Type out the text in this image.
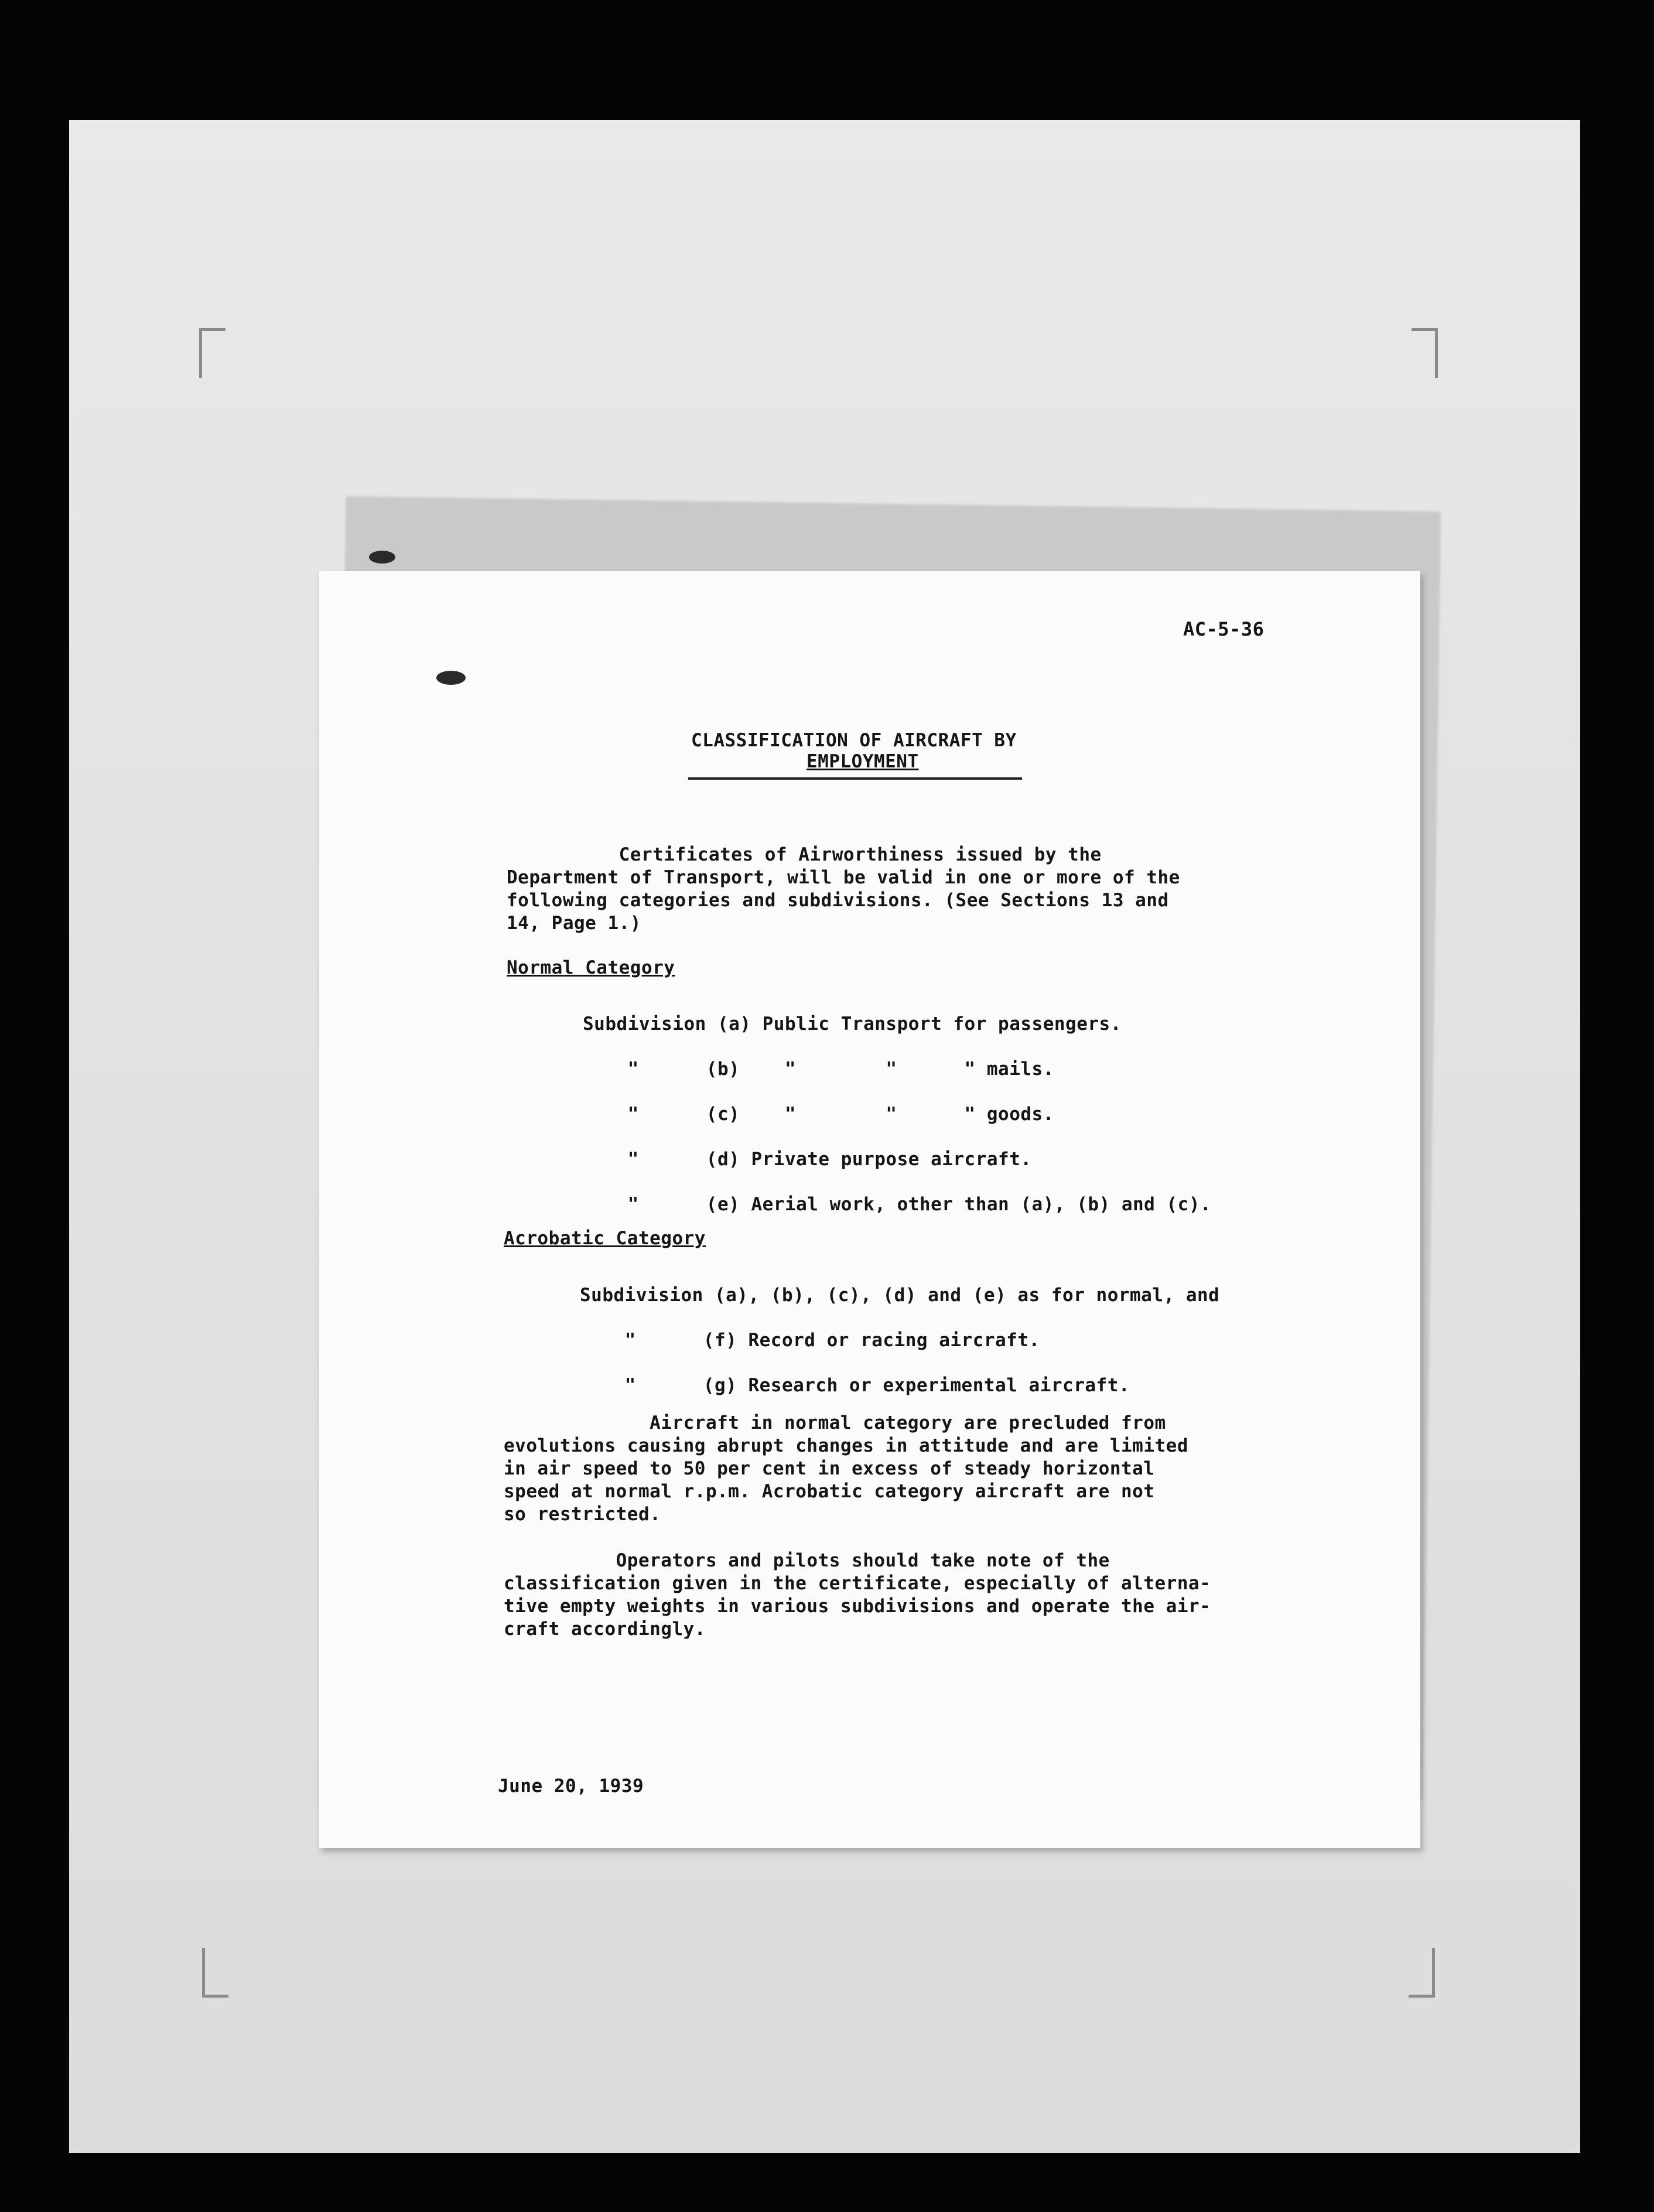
AC-5-36
CLASSIFICATION OF AIRCRAFT BY
EMPLOYMENT
Certificates of Airworthiness issued by the
Department of Transport, will be valid in one or more of the
following categories and subdivisions. (See Sections 13 and
14, Page 1.)
Normal Category
Subdivision (a) Public Transport for passengers.
"      (b)    "        "      " mails.
"      (c)    "        "      " goods.
"      (d) Private purpose aircraft.
"      (e) Aerial work, other than (a), (b) and (c).
Acrobatic Category
Subdivision (a), (b), (c), (d) and (e) as for normal, and
"      (f) Record or racing aircraft.
"      (g) Research or experimental aircraft.
Aircraft in normal category are precluded from
evolutions causing abrupt changes in attitude and are limited
in air speed to 50 per cent in excess of steady horizontal
speed at normal r.p.m. Acrobatic category aircraft are not
so restricted.
Operators and pilots should take note of the
classification given in the certificate, especially of alterna-
tive empty weights in various subdivisions and operate the air-
craft accordingly.
June 20, 1939
